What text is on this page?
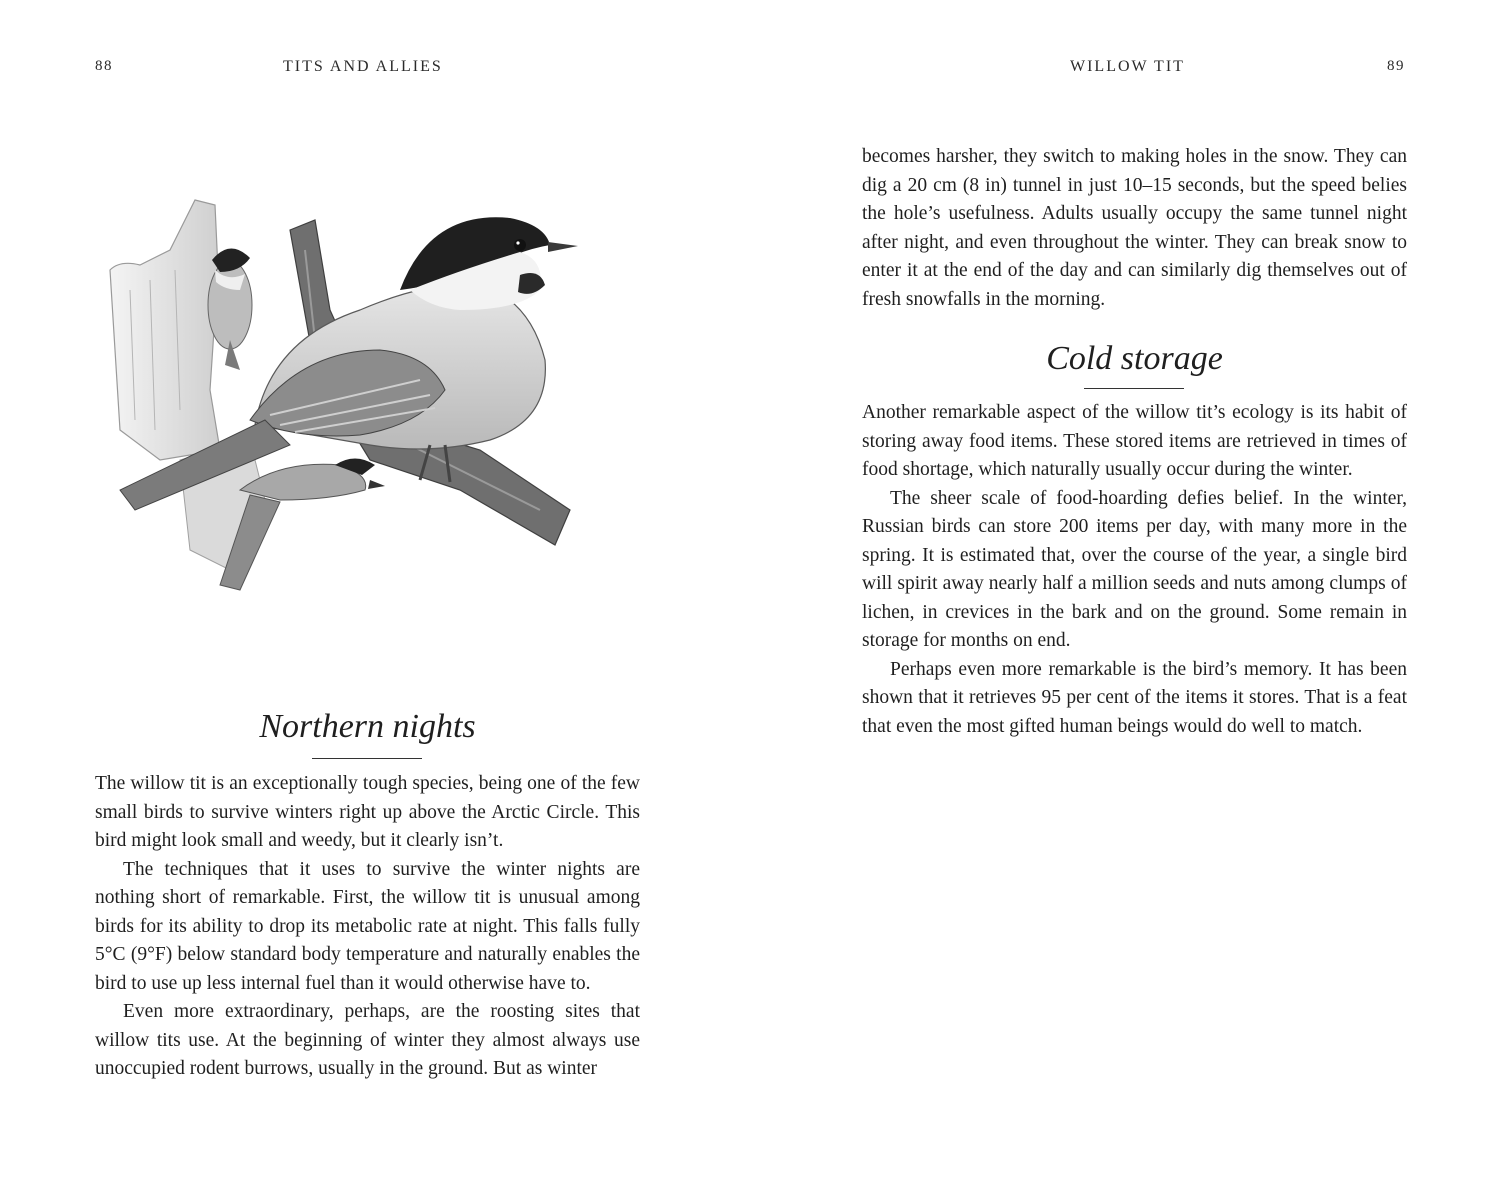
88	TITS AND ALLIES
Northern nights

The willow tit is an exceptionally tough species, being one of the few small birds to survive winters right up above the Arctic Circle. This bird might look small and weedy, but it clearly isn’t.

The techniques that it uses to survive the winter nights are nothing short of remarkable. First, the willow tit is unusual among birds for its ability to drop its metabolic rate at night. This falls fully 5°C (9°F) below standard body temperature and naturally enables the bird to use up less internal fuel than it would otherwise have to.

Even more extraordinary, perhaps, are the roosting sites that willow tits use. At the beginning of winter they almost always use unoccupied rodent burrows, usually in the ground. But as winter

WILLOW TIT	89

becomes harsher, they switch to making holes in the snow. They can dig a 20 cm (8 in) tunnel in just 10–15 seconds, but the speed belies the hole’s usefulness. Adults usually occupy the same tunnel night after night, and even throughout the winter. They can break snow to enter it at the end of the day and can similarly dig themselves out of fresh snowfalls in the morning.

Cold storage

Another remarkable aspect of the willow tit’s ecology is its habit of storing away food items. These stored items are retrieved in times of food shortage, which naturally usually occur during the winter.

The sheer scale of food-hoarding defies belief. In the winter, Russian birds can store 200 items per day, with many more in the spring. It is estimated that, over the course of the year, a single bird will spirit away nearly half a million seeds and nuts among clumps of lichen, in crevices in the bark and on the ground. Some remain in storage for months on end.

Perhaps even more remarkable is the bird’s memory. It has been shown that it retrieves 95 per cent of the items it stores. That is a feat that even the most gifted human beings would do well to match.
